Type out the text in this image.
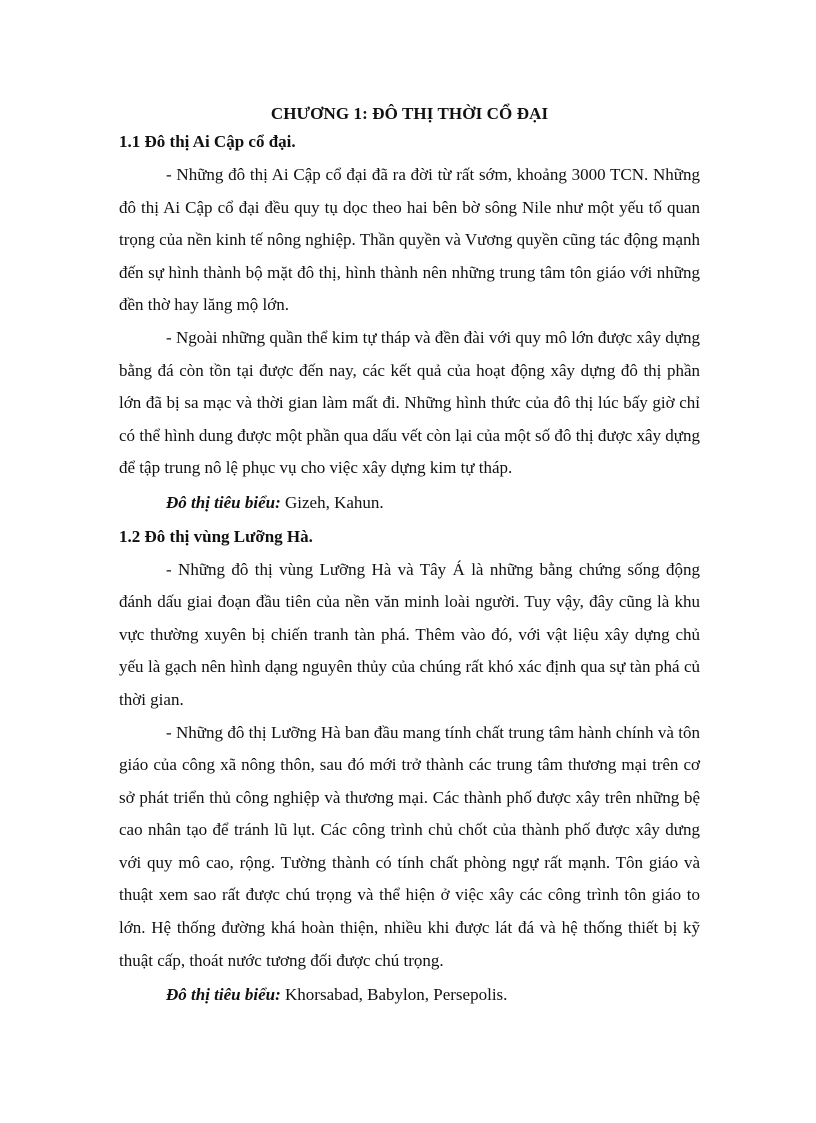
CHƯƠNG 1: ĐÔ THỊ THỜI CỔ ĐẠI
1.1 Đô thị Ai Cập cổ đại.

- Những đô thị Ai Cập cổ đại đã ra đời từ rất sớm, khoảng 3000 TCN. Những đô thị Ai Cập cổ đại đều quy tụ dọc theo hai bên bờ sông Nile như một yếu tố quan trọng của nền kinh tế nông nghiệp. Thần quyền và Vương quyền cũng tác động mạnh đến sự hình thành bộ mặt đô thị, hình thành nên những trung tâm tôn giáo với những đền thờ hay lăng mộ lớn.

- Ngoài những quần thể kim tự tháp và đền đài với quy mô lớn được xây dựng bằng đá còn tồn tại được đến nay, các kết quả của hoạt động xây dựng đô thị phần lớn đã bị sa mạc và thời gian làm mất đi. Những hình thức của đô thị lúc bấy giờ chỉ có thể hình dung được một phần qua dấu vết còn lại của một số đô thị được xây dựng để tập trung nô lệ phục vụ cho việc xây dựng kim tự tháp.

Đô thị tiêu biểu: Gizeh, Kahun.

1.2 Đô thị vùng Lưỡng Hà.

- Những đô thị vùng Lưỡng Hà và Tây Á là những bằng chứng sống động đánh dấu giai đoạn đầu tiên của nền văn minh loài người. Tuy vậy, đây cũng là khu vực thường xuyên bị chiến tranh tàn phá. Thêm vào đó, với vật liệu xây dựng chủ yếu là gạch nên hình dạng nguyên thủy của chúng rất khó xác định qua sự tàn phá củ thời gian.

- Những đô thị Lưỡng Hà ban đầu mang tính chất trung tâm hành chính và tôn giáo của công xã nông thôn, sau đó mới trở thành các trung tâm thương mại trên cơ sở phát triển thủ công nghiệp và thương mại. Các thành phố được xây trên những bệ cao nhân tạo để tránh lũ lụt. Các công trình chủ chốt của thành phố được xây dưng với quy mô cao, rộng. Tường thành có tính chất phòng ngự rất mạnh. Tôn giáo và thuật xem sao rất được chú trọng và thể hiện ở việc xây các công trình tôn giáo to lớn. Hệ thống đường khá hoàn thiện, nhiều khi được lát đá và hệ thống thiết bị kỹ thuật cấp, thoát nước tương đối được chú trọng.

Đô thị tiêu biểu: Khorsabad, Babylon, Persepolis.
